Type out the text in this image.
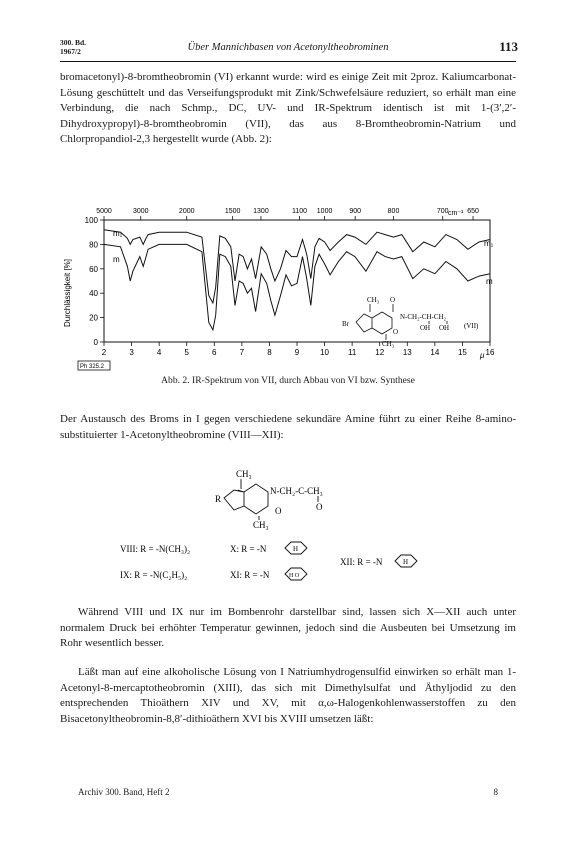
300. Bd.
1967/2	Über Mannichbasen von Acetonyltheobrominen	113

bromacetonyl)-8-bromtheobromin (VI) erkannt wurde: wird es einige Zeit mit 2proz. Kaliumcarbonat-Lösung geschüttelt und das Verseifungsprodukt mit Zink/Schwefelsäure reduziert, so erhält man eine Verbindung, die nach Schmp., DC, UV- und IR-Spektrum identisch ist mit 1-(3′,2′-Dihydroxypropyl)-8-bromtheobromin (VII), das aus 8-Bromtheobromin-Natrium und Chlorpropandiol-2,3 hergestellt wurde (Abb. 2):

5000	3000	2000	1500 1300	1100 1000 900	800	700	650
2	3	4	5	6	7	8	9	10 11 12 13 14 15 16
0
20
40
60
80
100
Durchlässigkeit [%]
μ
cm⁻¹
m₁
m
m₁
m
Ph 325.2
CH₃ O
Br
N-CH₂-CH-CH₂
OH OH
O
CH₃
(VII)
Abb. 2. IR-Spektrum von VII, durch Abbau von VI bzw. Synthese

Der Austausch des Broms in I gegen verschiedene sekundäre Amine führt zu einer Reihe 8-amino-substituierter 1-Acetonyltheobromine (VIII—XII):

CH₃
R
N-CH₂-C-CH₃
O
O
CH₃
VIII: R = -N(CH₃)₂
IX: R = -N(C₂H₅)₂
X: R = -N
XI: R = -N
XII: R = -N
H
H O
H

Während VIII und IX nur im Bombenrohr darstellbar sind, lassen sich X—XII auch unter normalem Druck bei erhöhter Temperatur gewinnen, jedoch sind die Ausbeuten bei Umsetzung im Rohr wesentlich besser.

Läßt man auf eine alkoholische Lösung von I Natriumhydrogensulfid einwirken so erhält man 1-Acetonyl-8-mercaptotheobromin (XIII), das sich mit Dimethylsulfat und Äthyljodid zu den entsprechenden Thioäthern XIV und XV, mit α,ω-Halogenkohlenwasserstoffen zu den Bisacetonyltheobromin-8,8′-dithioäthern XVI bis XVIII umsetzen läßt:

Archiv 300. Band, Heft 2	8
